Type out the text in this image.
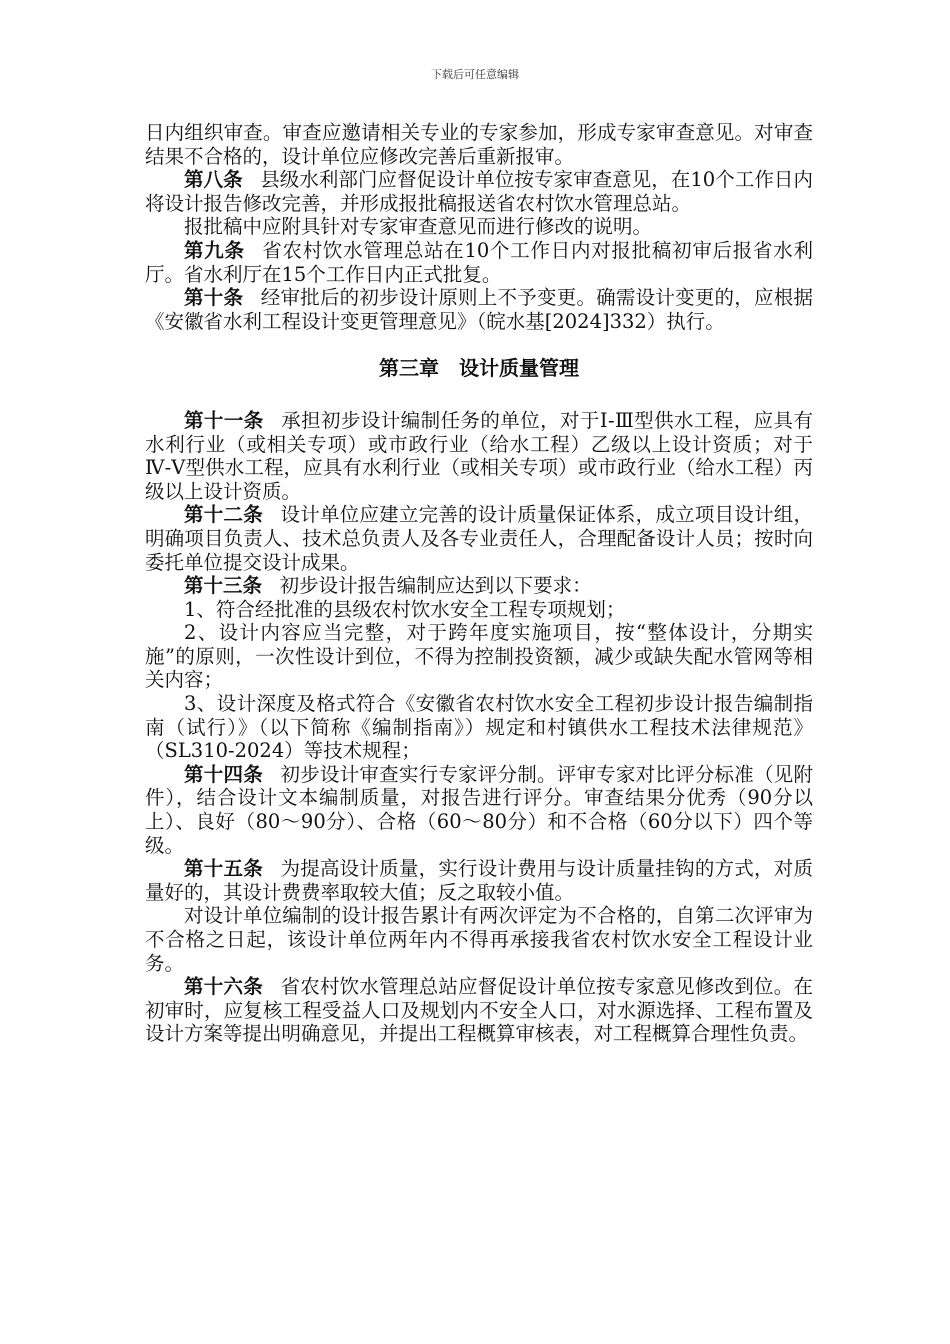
下载后可任意编辑

日内组织审查。审查应邀请相关专业的专家参加，形成专家审查意见。对审查结果不合格的，设计单位应修改完善后重新报审。

第八条 县级水利部门应督促设计单位按专家审查意见，在10个工作日内将设计报告修改完善，并形成报批稿报送省农村饮水管理总站。

报批稿中应附具针对专家审查意见而进行修改的说明。

第九条 省农村饮水管理总站在10个工作日内对报批稿初审后报省水利厅。省水利厅在15个工作日内正式批复。

第十条 经审批后的初步设计原则上不予变更。确需设计变更的，应根据《安徽省水利工程设计变更管理意见》（皖水基[2024]332）执行。

第三章　设计质量管理

第十一条 承担初步设计编制任务的单位，对于Ⅰ-Ⅲ型供水工程，应具有水利行业（或相关专项）或市政行业（给水工程）乙级以上设计资质；对于Ⅳ-Ⅴ型供水工程，应具有水利行业（或相关专项）或市政行业（给水工程）丙级以上设计资质。

第十二条 设计单位应建立完善的设计质量保证体系，成立项目设计组，明确项目负责人、技术总负责人及各专业责任人，合理配备设计人员；按时向委托单位提交设计成果。

第十三条 初步设计报告编制应达到以下要求：

1、符合经批准的县级农村饮水安全工程专项规划；

2、设计内容应当完整，对于跨年度实施项目，按“整体设计，分期实施”的原则，一次性设计到位，不得为控制投资额，减少或缺失配水管网等相关内容；

3、设计深度及格式符合《安徽省农村饮水安全工程初步设计报告编制指南（试行）》（以下简称《编制指南》）规定和村镇供水工程技术法律规范》（SL310-2024）等技术规程；

第十四条 初步设计审查实行专家评分制。评审专家对比评分标准（见附件），结合设计文本编制质量，对报告进行评分。审查结果分优秀（90分以上）、良好（80～90分）、合格（60～80分）和不合格（60分以下）四个等级。

第十五条 为提高设计质量，实行设计费用与设计质量挂钩的方式，对质量好的，其设计费费率取较大值；反之取较小值。

对设计单位编制的设计报告累计有两次评定为不合格的，自第二次评审为不合格之日起，该设计单位两年内不得再承接我省农村饮水安全工程设计业务。

第十六条 省农村饮水管理总站应督促设计单位按专家意见修改到位。在初审时，应复核工程受益人口及规划内不安全人口，对水源选择、工程布置及设计方案等提出明确意见，并提出工程概算审核表，对工程概算合理性负责。
